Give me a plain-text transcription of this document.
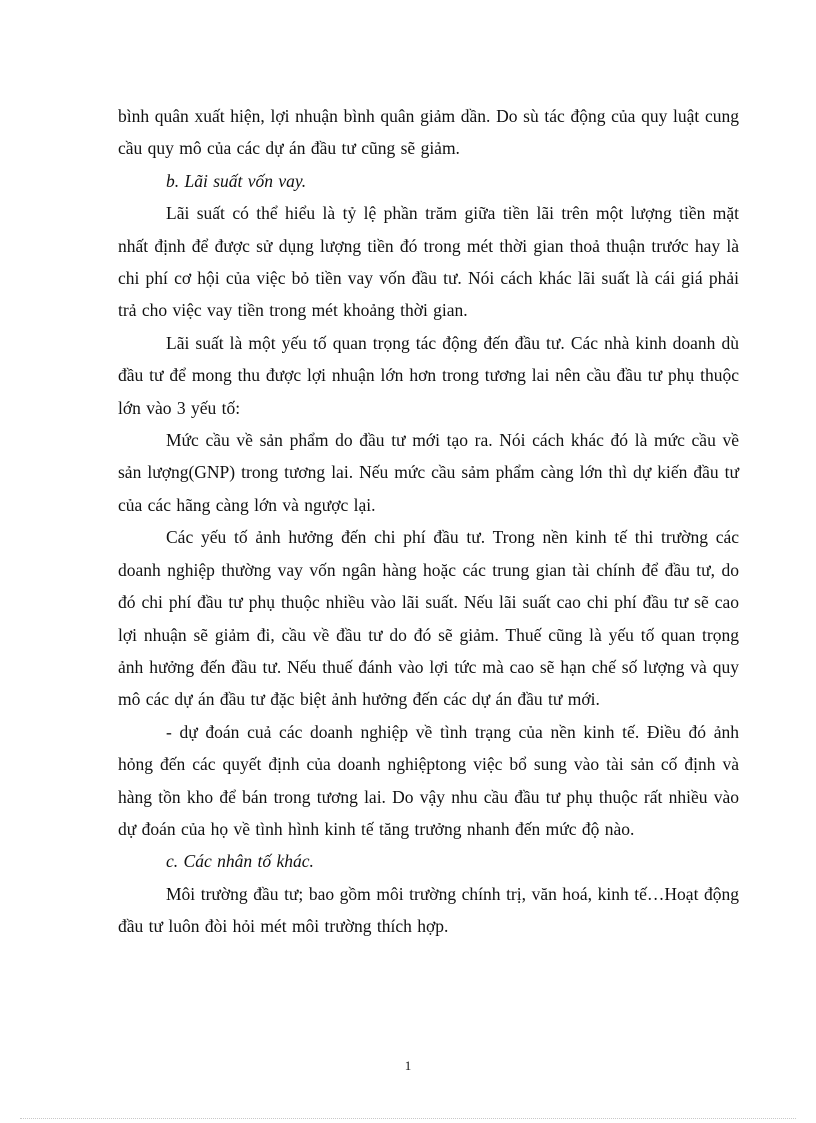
bình quân xuất hiện, lợi nhuận bình quân giảm dần. Do sù tác động của quy luật cung cầu quy mô của các dự án đầu tư cũng sẽ giảm.

b. Lãi suất vốn vay.

Lãi suất có thể hiểu là tỷ lệ phần trăm giữa tiền lãi trên một lượng tiền mặt nhất định để được sử dụng lượng tiền đó trong mét thời gian thoả thuận trước hay là chi phí cơ hội của việc bỏ tiền vay vốn đầu tư. Nói cách khác lãi suất là cái giá phải trả cho việc vay tiền trong mét khoảng thời gian.

Lãi suất là một yếu tố quan trọng tác động đến đầu tư. Các nhà kinh doanh dù đầu tư để mong thu được lợi nhuận lớn hơn trong tương lai nên cầu đầu tư phụ thuộc lớn vào 3 yếu tố:

Mức cầu về sản phẩm do đầu tư mới tạo ra. Nói cách khác đó là mức cầu về sản lượng(GNP) trong tương lai. Nếu mức cầu sảm phẩm càng lớn thì dự kiến đầu tư của các hãng càng lớn và ngược lại.

Các yếu tố ảnh hưởng đến chi phí đầu tư. Trong nền kinh tế thi trường các doanh nghiệp thường vay vốn ngân hàng hoặc các trung gian tài chính để đầu tư, do đó chi phí đầu tư phụ thuộc nhiều vào lãi suất. Nếu lãi suất cao chi phí đầu tư sẽ cao lợi nhuận sẽ giảm đi, cầu về đầu tư do đó sẽ giảm. Thuế cũng là yếu tố quan trọng ảnh hưởng đến đầu tư. Nếu thuế đánh vào lợi tức mà cao sẽ hạn chế số lượng và quy mô các dự án đầu tư đặc biệt ảnh hưởng đến các dự án đầu tư mới.

- dự đoán cuả các doanh nghiệp về tình trạng của nền kinh tế. Điều đó ảnh hỏng đến các quyết định của doanh nghiệptong việc bổ sung vào tài sản cố định và hàng tồn kho để bán trong tương lai. Do vậy nhu cầu đầu tư phụ thuộc rất nhiều vào dự đoán của họ về tình hình kinh tế tăng trưởng nhanh đến mức độ nào.

c. Các nhân tố khác.

Môi trường đầu tư; bao gồm môi trường chính trị, văn hoá, kinh tế…Hoạt động đầu tư luôn đòi hỏi mét môi trường thích hợp.

1
